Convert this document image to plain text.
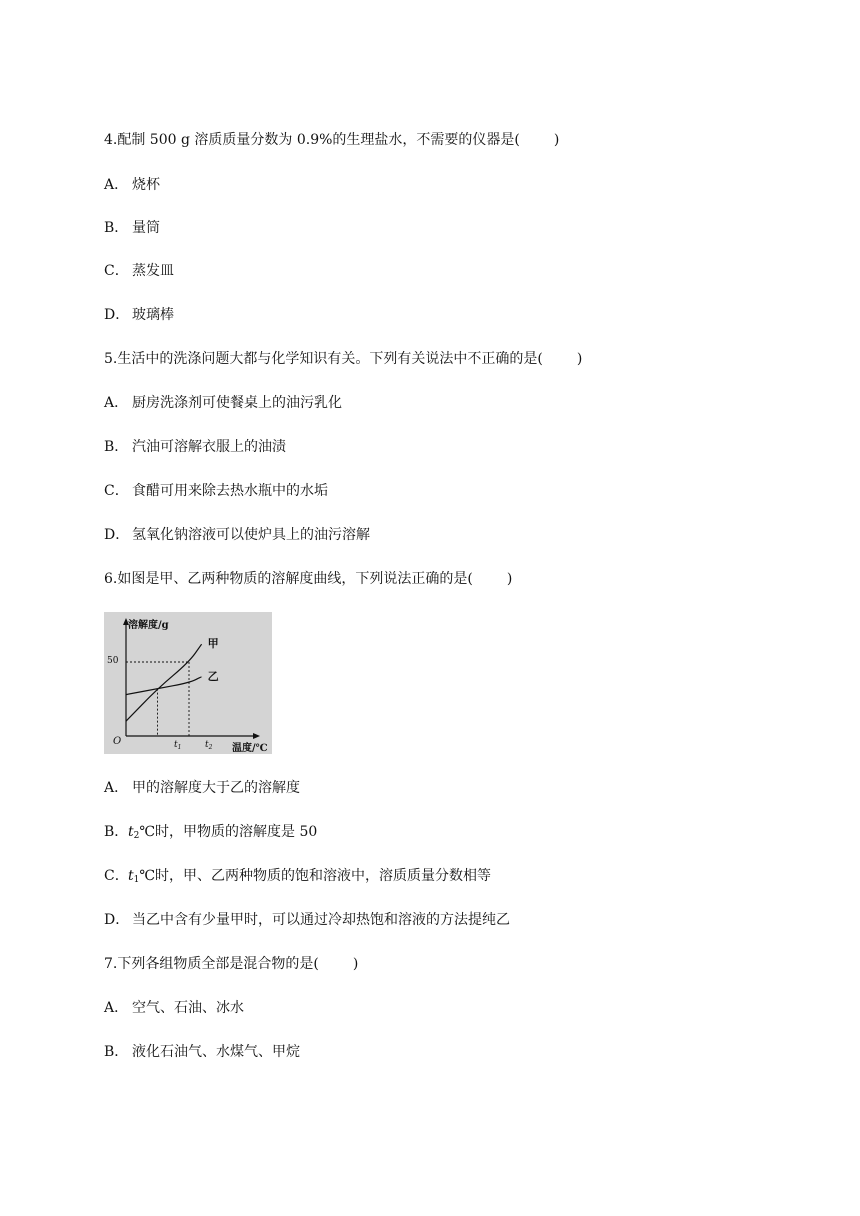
4.配制 500 g 溶质质量分数为 0.9%的生理盐水，不需要的仪器是( )
A． 烧杯
B． 量筒
C． 蒸发皿
D． 玻璃棒
5.生活中的洗涤问题大都与化学知识有关。下列有关说法中不正确的是( )
A． 厨房洗涤剂可使餐桌上的油污乳化
B． 汽油可溶解衣服上的油渍
C． 食醋可用来除去热水瓶中的水垢
D． 氢氧化钠溶液可以使炉具上的油污溶解
6.如图是甲、乙两种物质的溶解度曲线，下列说法正确的是( )
溶解度/g
温度/℃
O
50
$t_1$	$t_2$
甲
乙
A． 甲的溶解度大于乙的溶解度
B．$t_2℃$时，甲物质的溶解度是 50
C．$t_1℃$时，甲、乙两种物质的饱和溶液中，溶质质量分数相等
D． 当乙中含有少量甲时，可以通过冷却热饱和溶液的方法提纯乙
7.下列各组物质全部是混合物的是( )
A． 空气、石油、冰水
B． 液化石油气、水煤气、甲烷
